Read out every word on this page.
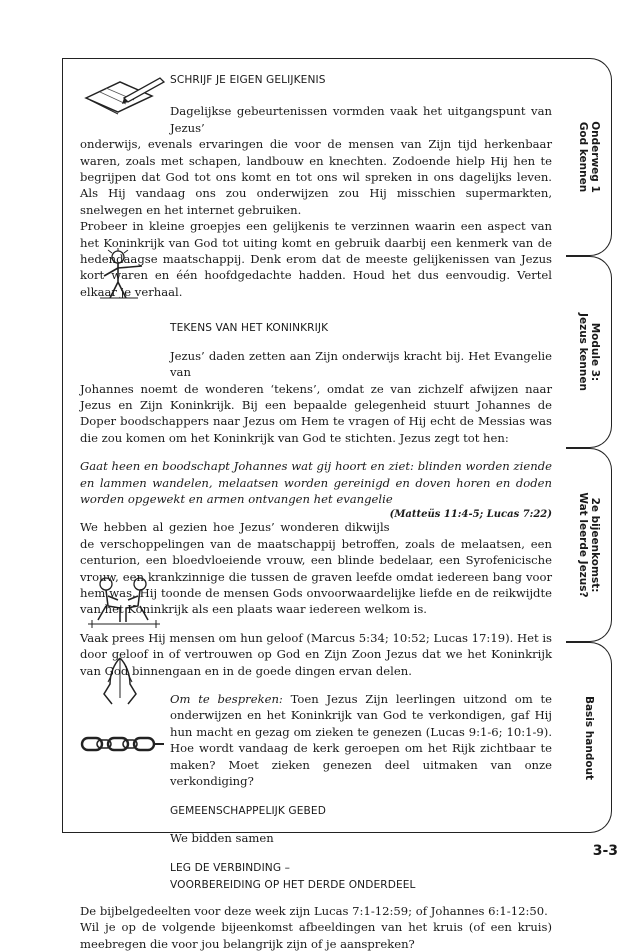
Onderweg 1
God kennen
Module 3:
Jezus kennen
2e bijeenkomst:
Wat leerde Jezus?
Basis handout
SCHRIJF JE EIGEN GELIJKENIS

Dagelijkse gebeurtenissen vormden vaak het uitgangspunt van Jezus’

onderwijs, evenals ervaringen die voor de mensen van Zijn tijd herkenbaar waren, zoals met schapen, landbouw en knechten. Zodoende hielp Hij hen te begrijpen dat God tot ons komt en tot ons wil spreken in ons dagelijks leven. Als Hij vandaag ons zou onderwijzen zou Hij misschien supermarkten, snelwegen en het internet gebruiken.

Probeer in kleine groepjes een gelijkenis te verzinnen waarin een aspect van het Koninkrijk van God tot uiting komt en gebruik daarbij een kenmerk van de hedendaagse maatschappij. Denk erom dat de meeste gelijkenissen van Jezus kort waren en één hoofdgedachte hadden. Houd het dus eenvoudig. Vertel elkaar je verhaal.

TEKENS VAN HET KONINKRIJK

Jezus’ daden zetten aan Zijn onderwijs kracht bij. Het Evangelie van

Johannes noemt de wonderen ‘tekens’, omdat ze van zichzelf afwijzen naar Jezus en Zijn Koninkrijk. Bij een bepaalde gelegenheid stuurt Johannes de Doper boodschappers naar Jezus om Hem te vragen of Hij echt de Messias was die zou komen om het Koninkrijk van God te stichten. Jezus zegt tot hen:

Gaat heen en boodschapt Johannes wat gij hoort en ziet: blinden worden ziende en lammen wandelen, melaatsen worden gereinigd en doven horen en doden worden opgewekt en armen ontvangen het evangelie
(Matteüs 11:4-5; Lucas 7:22)

We hebben al gezien hoe Jezus’ wonderen dikwijls de verschoppelingen van de maatschappij betroffen, zoals de melaatsen, een centurion, een bloedvloeiende vrouw, een blinde bedelaar, een Syrofenicische vrouw, een krankzinnige die tussen de graven leefde omdat iedereen bang voor hem was. Hij toonde de mensen Gods onvoorwaardelijke liefde en de reikwijdte van het Koninkrijk als een plaats waar iedereen welkom is.

Vaak prees Hij mensen om hun geloof (Marcus 5:34; 10:52; Lucas 17:19). Het is door geloof in of vertrouwen op God en Zijn Zoon Jezus dat we het Koninkrijk van God binnengaan en in de goede dingen ervan delen.

Om te bespreken: Toen Jezus Zijn leerlingen uitzond om te onderwijzen en het Koninkrijk van God te verkondigen, gaf Hij hun macht en gezag om zieken te genezen (Lucas 9:1-6; 10:1-9). Hoe wordt vandaag de kerk geroepen om het Rijk zichtbaar te maken? Moet zieken genezen deel uitmaken van onze verkondiging?

GEMEENSCHAPPELIJK GEBED

We bidden samen

LEG DE VERBINDING –
VOORBEREIDING OP HET DERDE ONDERDEEL

De bijbelgedeelten voor deze week zijn Lucas 7:1-12:59; of Johannes 6:1-12:50.

Wil je op de volgende bijeenkomst afbeeldingen van het kruis (of een kruis) meebregen die voor jou belangrijk zijn of je aanspreken?

3-3
